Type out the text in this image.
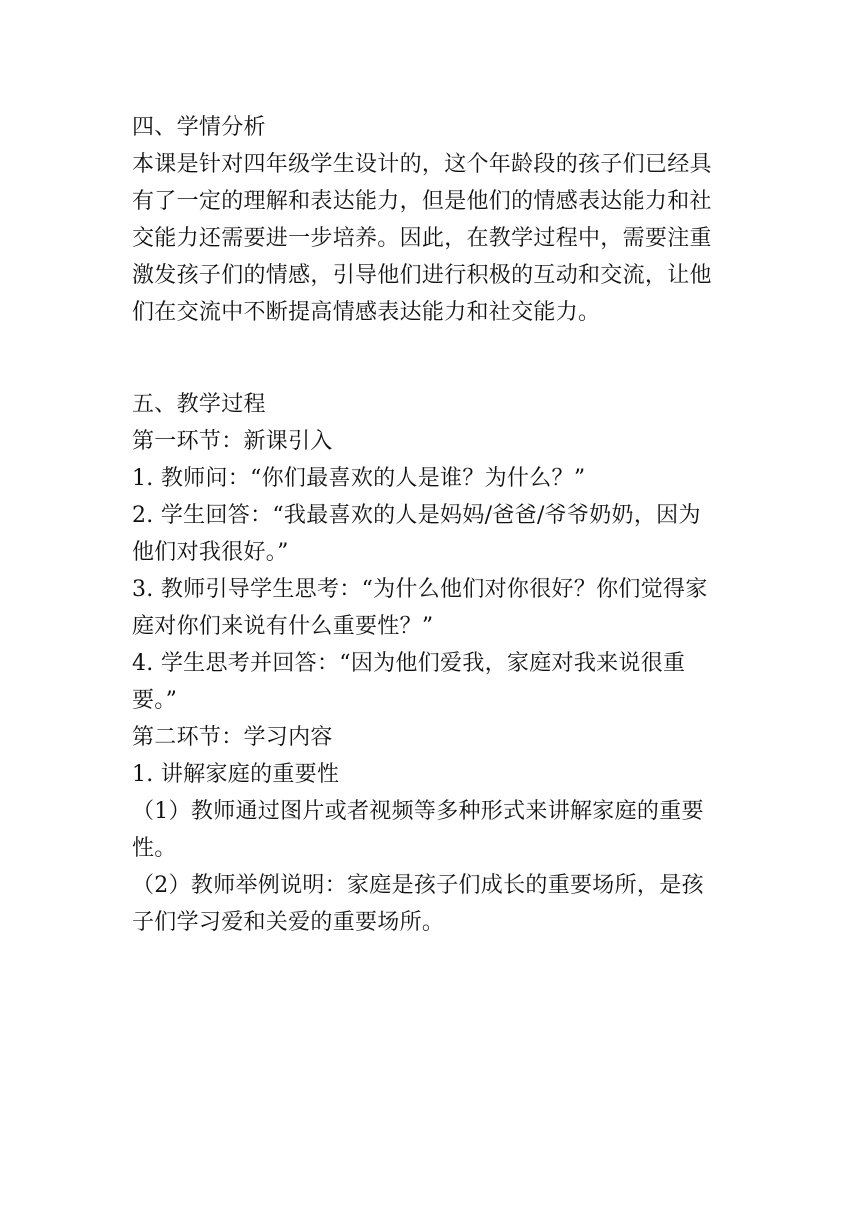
四、学情分析
本课是针对四年级学生设计的，这个年龄段的孩子们已经具
有了一定的理解和表达能力，但是他们的情感表达能力和社
交能力还需要进一步培养。因此，在教学过程中，需要注重
激发孩子们的情感，引导他们进行积极的互动和交流，让他
们在交流中不断提高情感表达能力和社交能力。
五、教学过程
第一环节：新课引入
1. 教师问：“你们最喜欢的人是谁？为什么？”
2. 学生回答：“我最喜欢的人是妈妈/爸爸/爷爷奶奶，因为
他们对我很好。”
3. 教师引导学生思考：“为什么他们对你很好？你们觉得家
庭对你们来说有什么重要性？”
4. 学生思考并回答：“因为他们爱我，家庭对我来说很重
要。”
第二环节：学习内容
1. 讲解家庭的重要性
（1）教师通过图片或者视频等多种形式来讲解家庭的重要
性。
（2）教师举例说明：家庭是孩子们成长的重要场所，是孩
子们学习爱和关爱的重要场所。
